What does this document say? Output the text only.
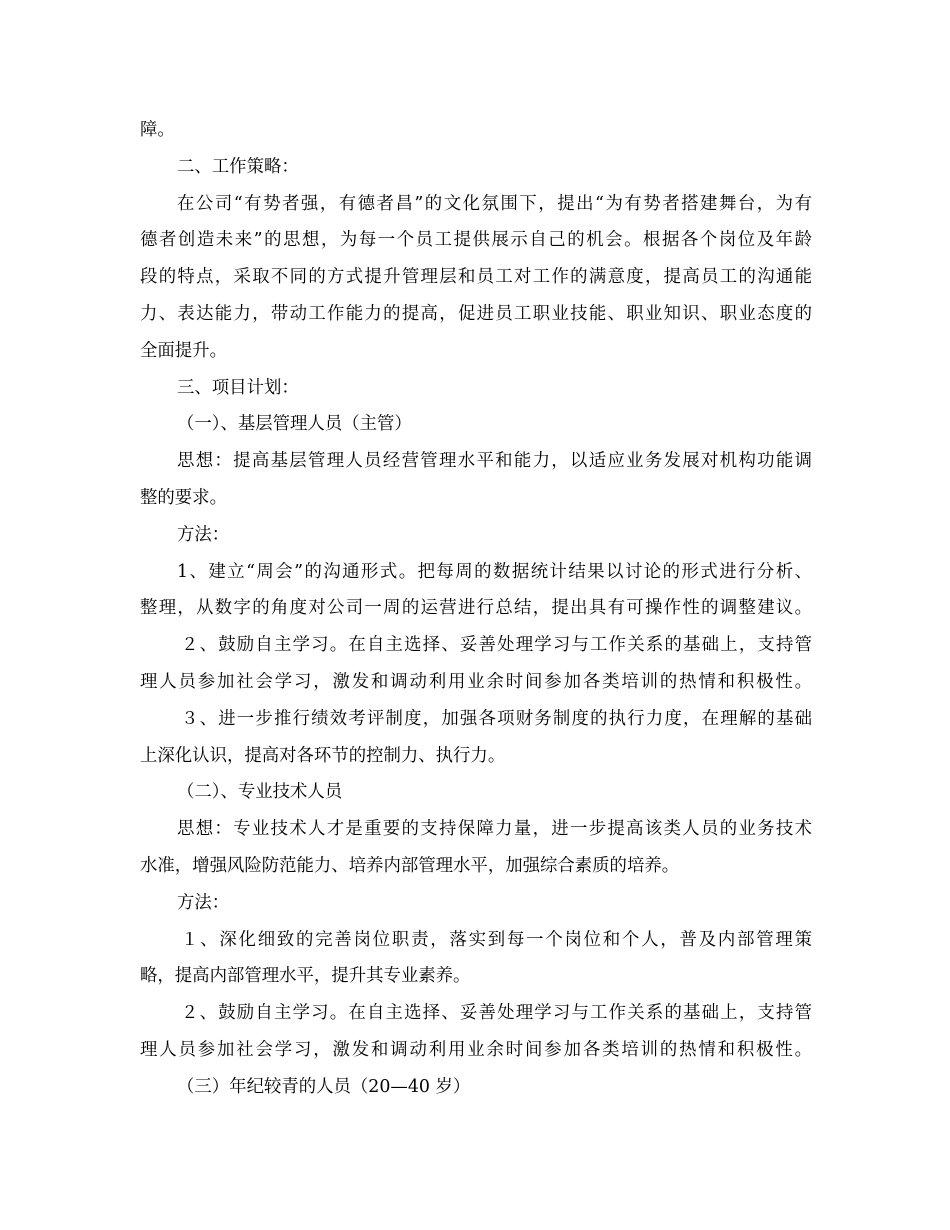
障。
二、工作策略：
在公司“有势者强，有德者昌”的文化氛围下，提出“为有势者搭建舞台，为有
德者创造未来”的思想，为每一个员工提供展示自己的机会。根据各个岗位及年龄
段的特点，采取不同的方式提升管理层和员工对工作的满意度，提高员工的沟通能
力、表达能力，带动工作能力的提高，促进员工职业技能、职业知识、职业态度的
全面提升。
三、项目计划：
（一）、基层管理人员（主管）
思想：提高基层管理人员经营管理水平和能力，以适应业务发展对机构功能调
整的要求。
方法：
1、建立“周会”的沟通形式。把每周的数据统计结果以讨论的形式进行分析、
整理，从数字的角度对公司一周的运营进行总结，提出具有可操作性的调整建议。
２、鼓励自主学习。在自主选择、妥善处理学习与工作关系的基础上，支持管
理人员参加社会学习，激发和调动利用业余时间参加各类培训的热情和积极性。
３、进一步推行绩效考评制度，加强各项财务制度的执行力度，在理解的基础
上深化认识，提高对各环节的控制力、执行力。
（二）、专业技术人员
思想：专业技术人才是重要的支持保障力量，进一步提高该类人员的业务技术
水准，增强风险防范能力、培养内部管理水平，加强综合素质的培养。
方法：
１、深化细致的完善岗位职责，落实到每一个岗位和个人，普及内部管理策
略，提高内部管理水平，提升其专业素养。
２、鼓励自主学习。在自主选择、妥善处理学习与工作关系的基础上，支持管
理人员参加社会学习，激发和调动利用业余时间参加各类培训的热情和积极性。
（三）年纪较青的人员（20—40 岁）
